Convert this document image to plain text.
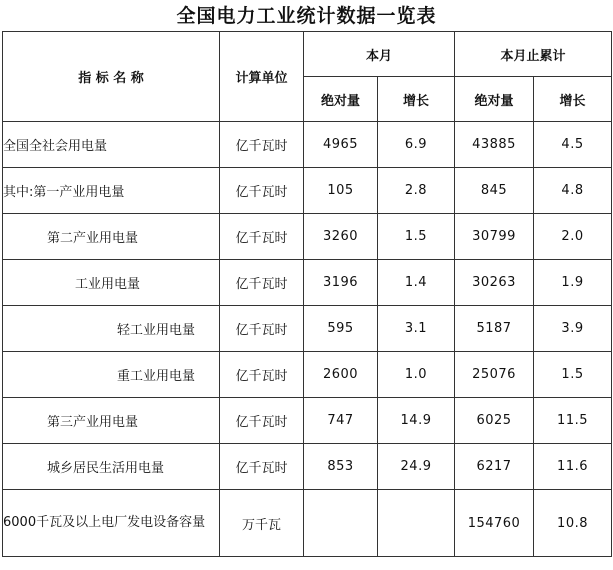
全国电力工业统计数据一览表
指 标 名 称	计算单位	本月		本月止累计	
		绝对量	增长	绝对量	增长
全国全社会用电量	亿千瓦时	4965	6.9	43885	4.5
其中:第一产业用电量	亿千瓦时	105	2.8	845	4.8
第二产业用电量	亿千瓦时	3260	1.5	30799	2.0
工业用电量	亿千瓦时	3196	1.4	30263	1.9
轻工业用电量	亿千瓦时	595	3.1	5187	3.9
重工业用电量	亿千瓦时	2600	1.0	25076	1.5
第三产业用电量	亿千瓦时	747	14.9	6025	11.5
城乡居民生活用电量	亿千瓦时	853	24.9	6217	11.6
6000千瓦及以上电厂发电设备容量	万千瓦			154760	10.8
